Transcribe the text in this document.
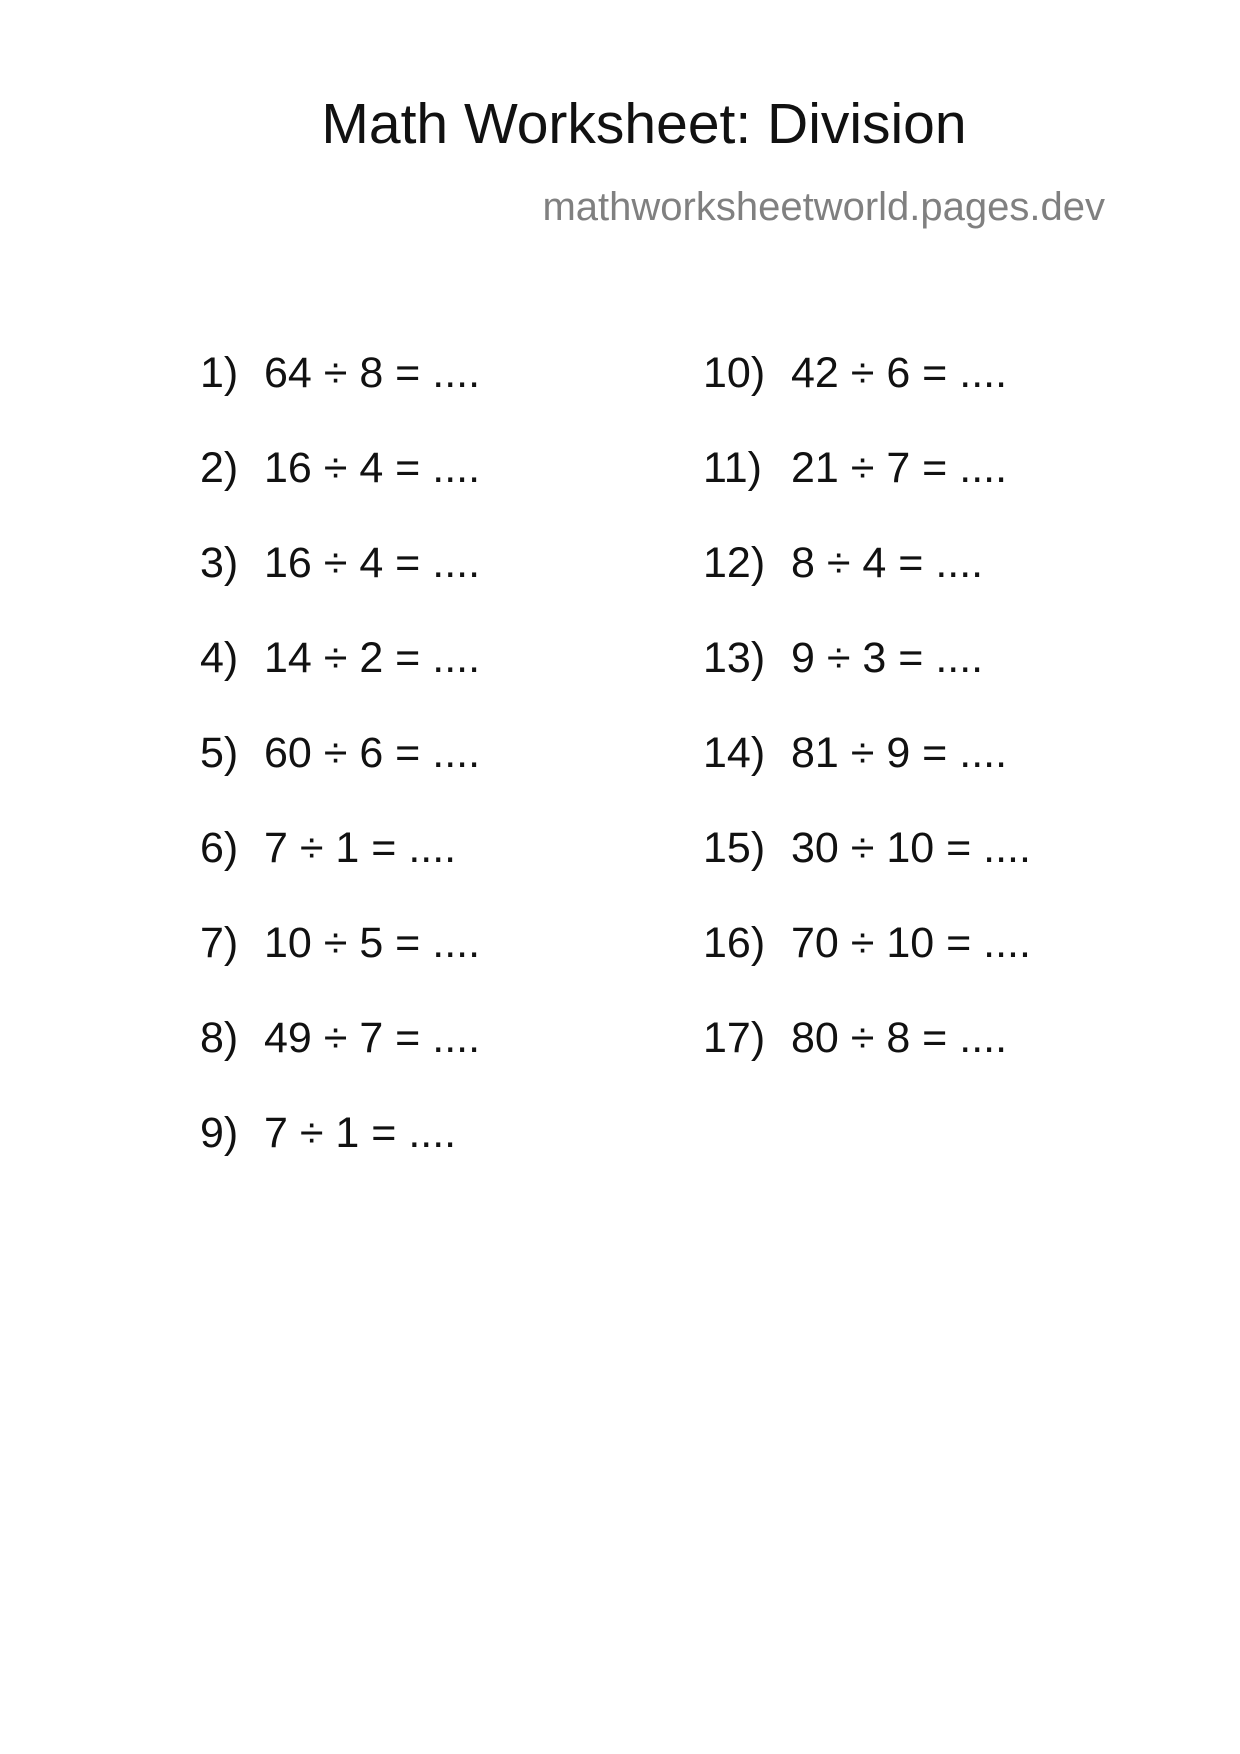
Math Worksheet: Division
mathworksheetworld.pages.dev
1) 64 ÷ 8 = ....
2) 16 ÷ 4 = ....
3) 16 ÷ 4 = ....
4) 14 ÷ 2 = ....
5) 60 ÷ 6 = ....
6) 7 ÷ 1 = ....
7) 10 ÷ 5 = ....
8) 49 ÷ 7 = ....
9) 7 ÷ 1 = ....
10) 42 ÷ 6 = ....
11) 21 ÷ 7 = ....
12) 8 ÷ 4 = ....
13) 9 ÷ 3 = ....
14) 81 ÷ 9 = ....
15) 30 ÷ 10 = ....
16) 70 ÷ 10 = ....
17) 80 ÷ 8 = ....
